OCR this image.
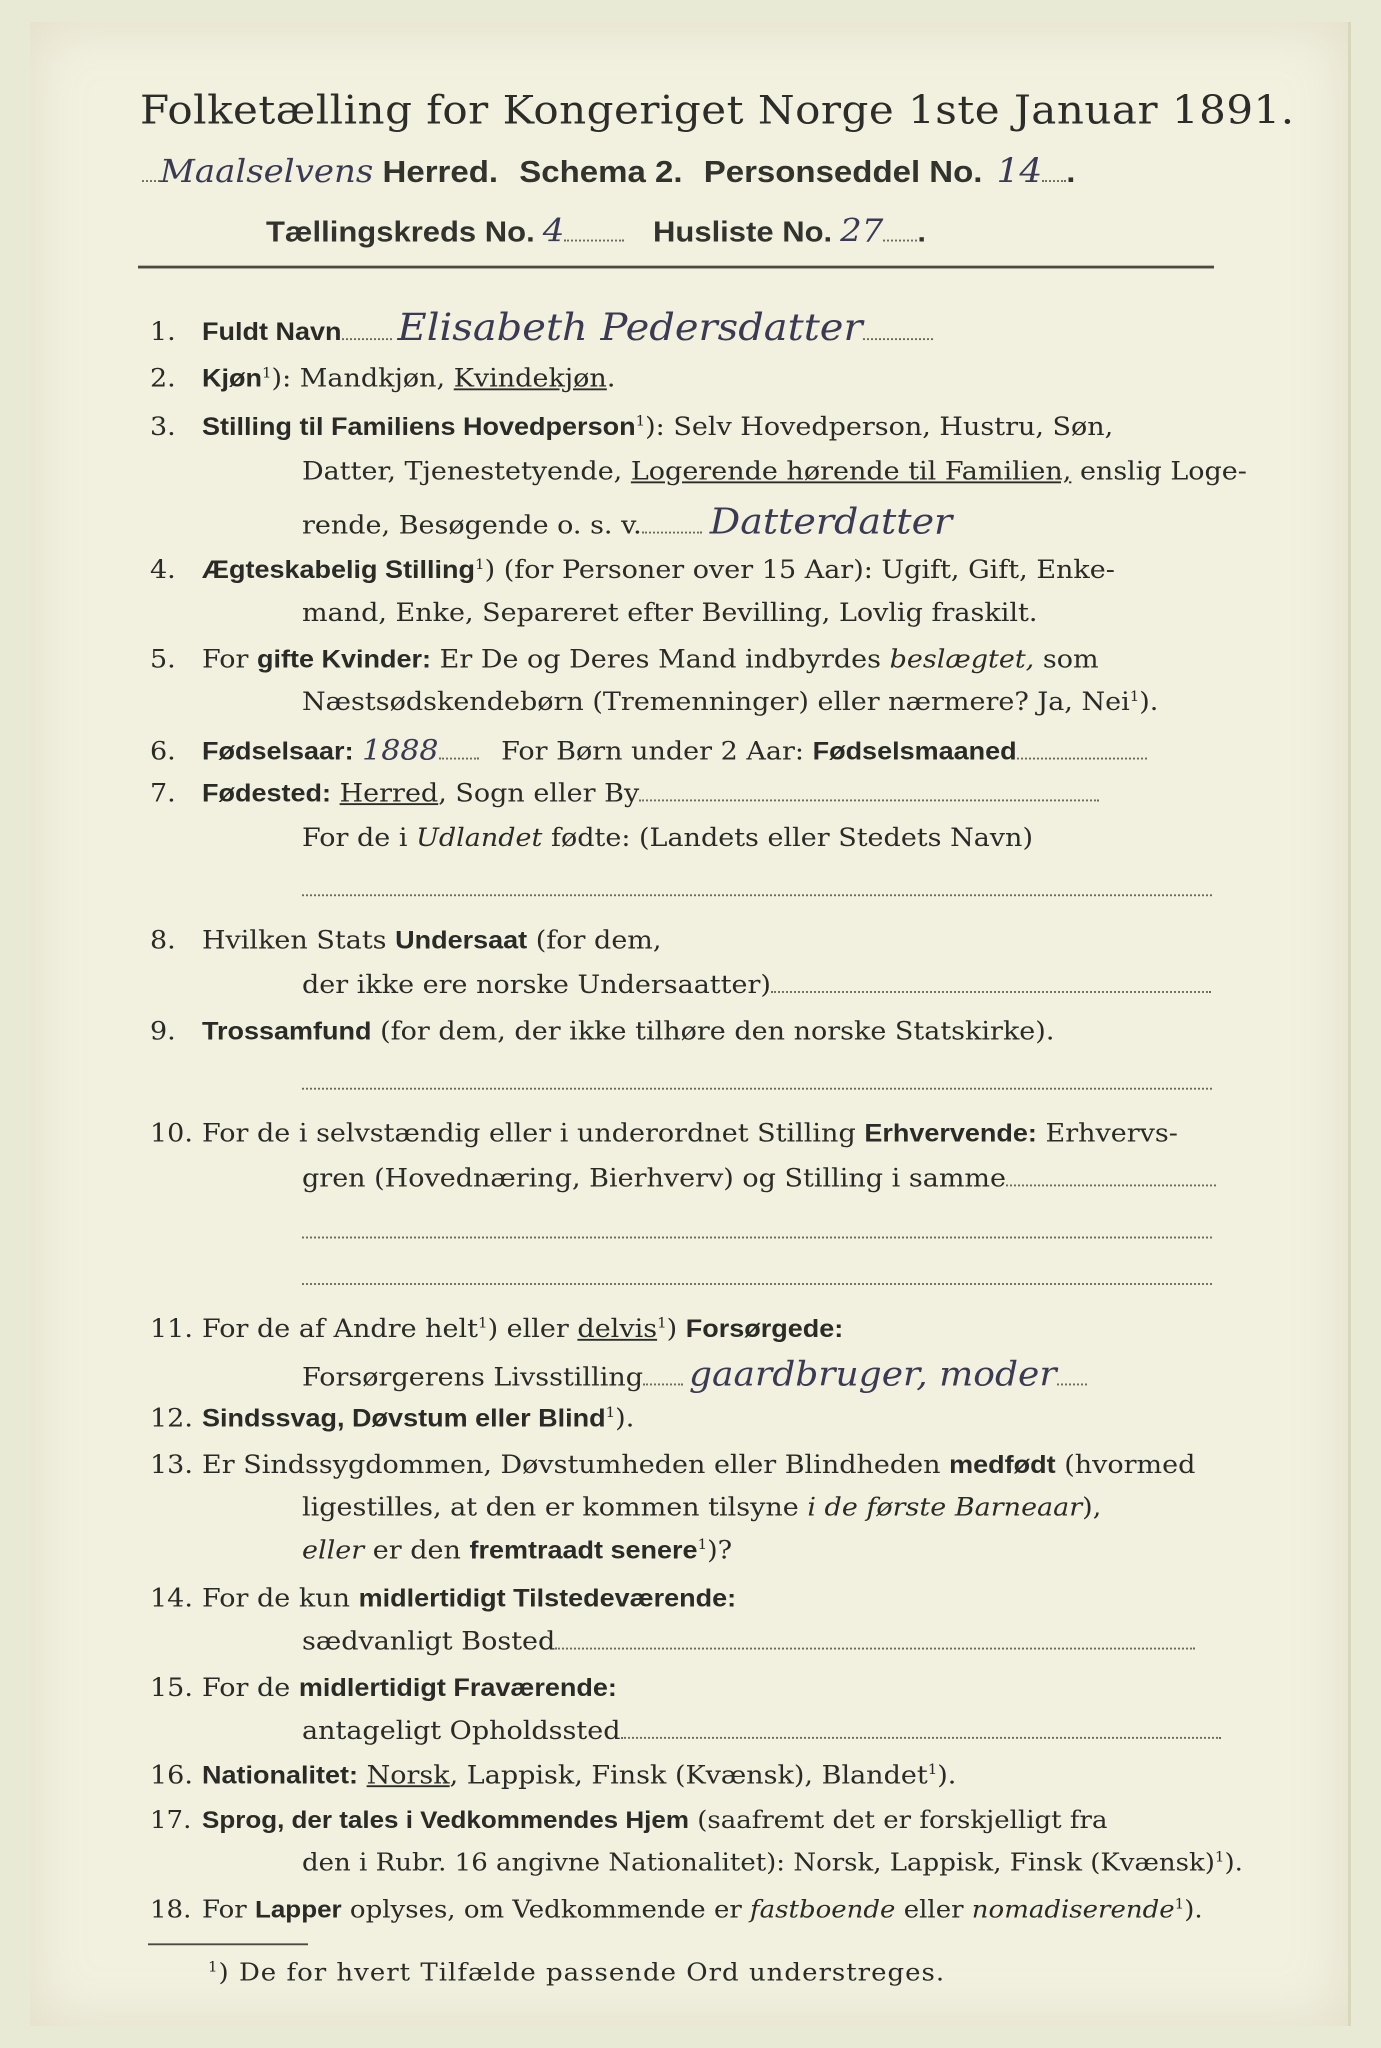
Folketælling for Kongeriget Norge 1ste Januar 1891.
Maalselvens Herred. Schema 2. Personseddel No. 14 .
Tællingskreds No. 4	Husliste No. 27 .
1. Fuldt Navn Elisabeth Pedersdatter
2. Kjøn$^1$): Mandkjøn, Kvindekjøn.
3. Stilling til Familiens Hovedperson$^1$): Selv Hovedperson, Hustru, Søn,
Datter, Tjenestetyende, Logerende hørende til Familien, enslig Loge-
rende, Besøgende o. s. v. Datterdatter
4. Ægteskabelig Stilling$^1$) (for Personer over 15 Aar): Ugift, Gift, Enke-
mand, Enke, Separeret efter Bevilling, Lovlig fraskilt.
5. For gifte Kvinder: Er De og Deres Mand indbyrdes beslægtet, som
Næstsødskendebørn (Tremenninger) eller nærmere? Ja, Nei$^1$).
6. Fødselsaar: 1888 For Børn under 2 Aar: Fødselsmaaned
7. Fødested: Herred, Sogn eller By
For de i Udlandet fødte: (Landets eller Stedets Navn)
8. Hvilken Stats Undersaat (for dem,
der ikke ere norske Undersaatter)
9. Trossamfund (for dem, der ikke tilhøre den norske Statskirke).
10. For de i selvstændig eller i underordnet Stilling Erhvervende: Erhvervs-
gren (Hovednæring, Bierhverv) og Stilling i samme
11. For de af Andre helt$^1$) eller delvis$^1$) Forsørgede:
Forsørgerens Livsstilling gaardbruger, moder
12. Sindssvag, Døvstum eller Blind$^1$).
13. Er Sindssygdommen, Døvstumheden eller Blindheden medfødt (hvormed
ligestilles, at den er kommen tilsyne i de første Barneaar),
eller er den fremtraadt senere$^1$)?
14. For de kun midlertidigt Tilstedeværende:
sædvanligt Bosted
15. For de midlertidigt Fraværende:
antageligt Opholdssted
16. Nationalitet: Norsk, Lappisk, Finsk (Kvænsk), Blandet$^1$).
17. Sprog, der tales i Vedkommendes Hjem (saafremt det er forskjelligt fra
den i Rubr. 16 angivne Nationalitet): Norsk, Lappisk, Finsk (Kvænsk)$^1$).
18. For Lapper oplyses, om Vedkommende er fastboende eller nomadiserende$^1$).
$^1$) De for hvert Tilfælde passende Ord understreges.
